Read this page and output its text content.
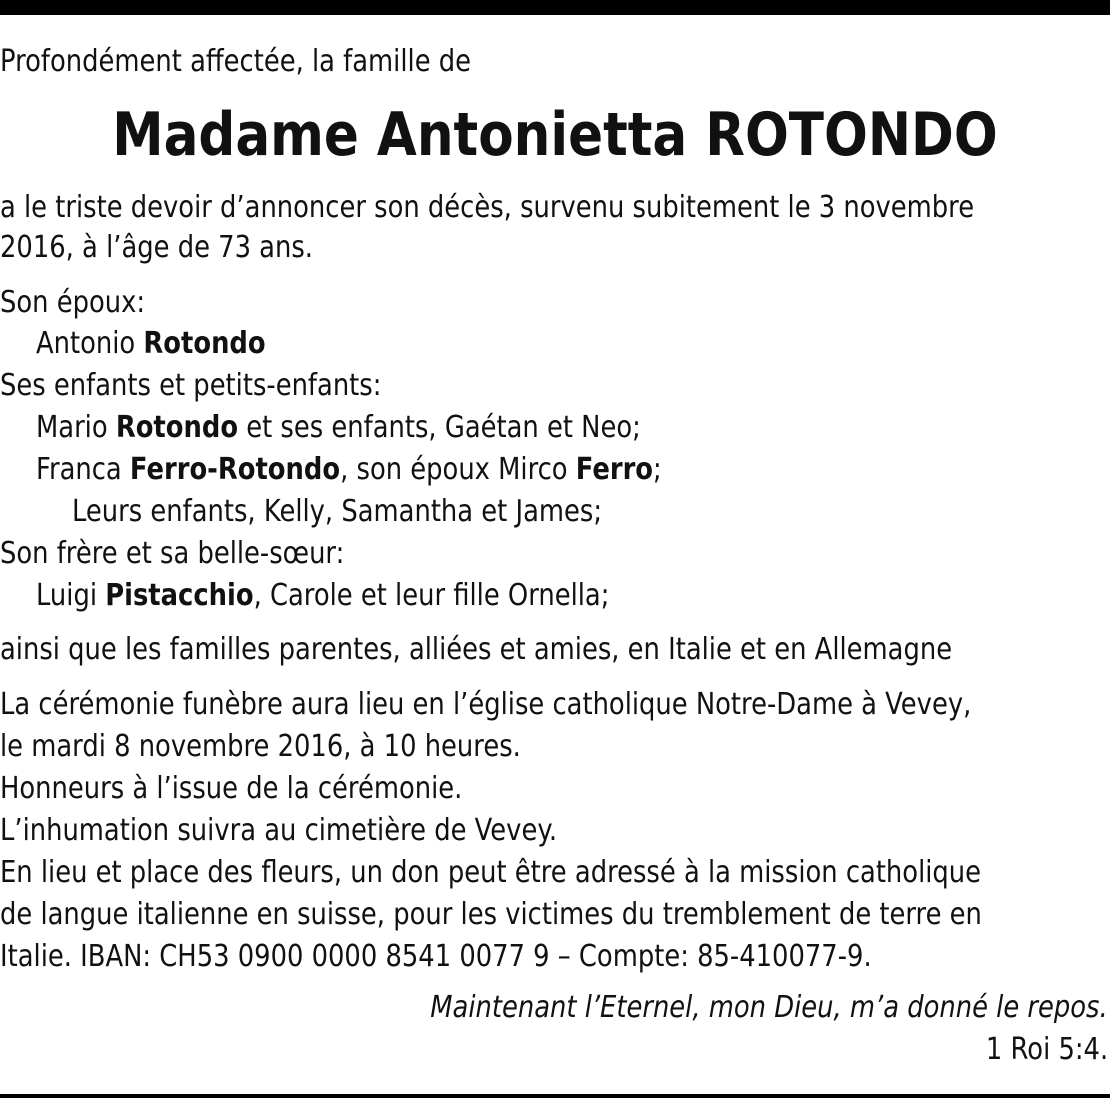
Profondément affectée, la famille de
Madame Antonietta ROTONDO
a le triste devoir d’annoncer son décès, survenu subitement le 3 novembre
2016, à l’âge de 73 ans.
Son époux:
Antonio Rotondo
Ses enfants et petits-enfants:
Mario Rotondo et ses enfants, Gaétan et Neo;
Franca Ferro-Rotondo, son époux Mirco Ferro;
Leurs enfants, Kelly, Samantha et James;
Son frère et sa belle-sœur:
Luigi Pistacchio, Carole et leur fille Ornella;
ainsi que les familles parentes, alliées et amies, en Italie et en Allemagne
La cérémonie funèbre aura lieu en l’église catholique Notre-Dame à Vevey,
le mardi 8 novembre 2016, à 10 heures.
Honneurs à l’issue de la cérémonie.
L’inhumation suivra au cimetière de Vevey.
En lieu et place des fleurs, un don peut être adressé à la mission catholique
de langue italienne en suisse, pour les victimes du tremblement de terre en
Italie. IBAN: CH53 0900 0000 8541 0077 9 – Compte: 85-410077-9.
Maintenant l’Eternel, mon Dieu, m’a donné le repos.
1 Roi 5:4.
